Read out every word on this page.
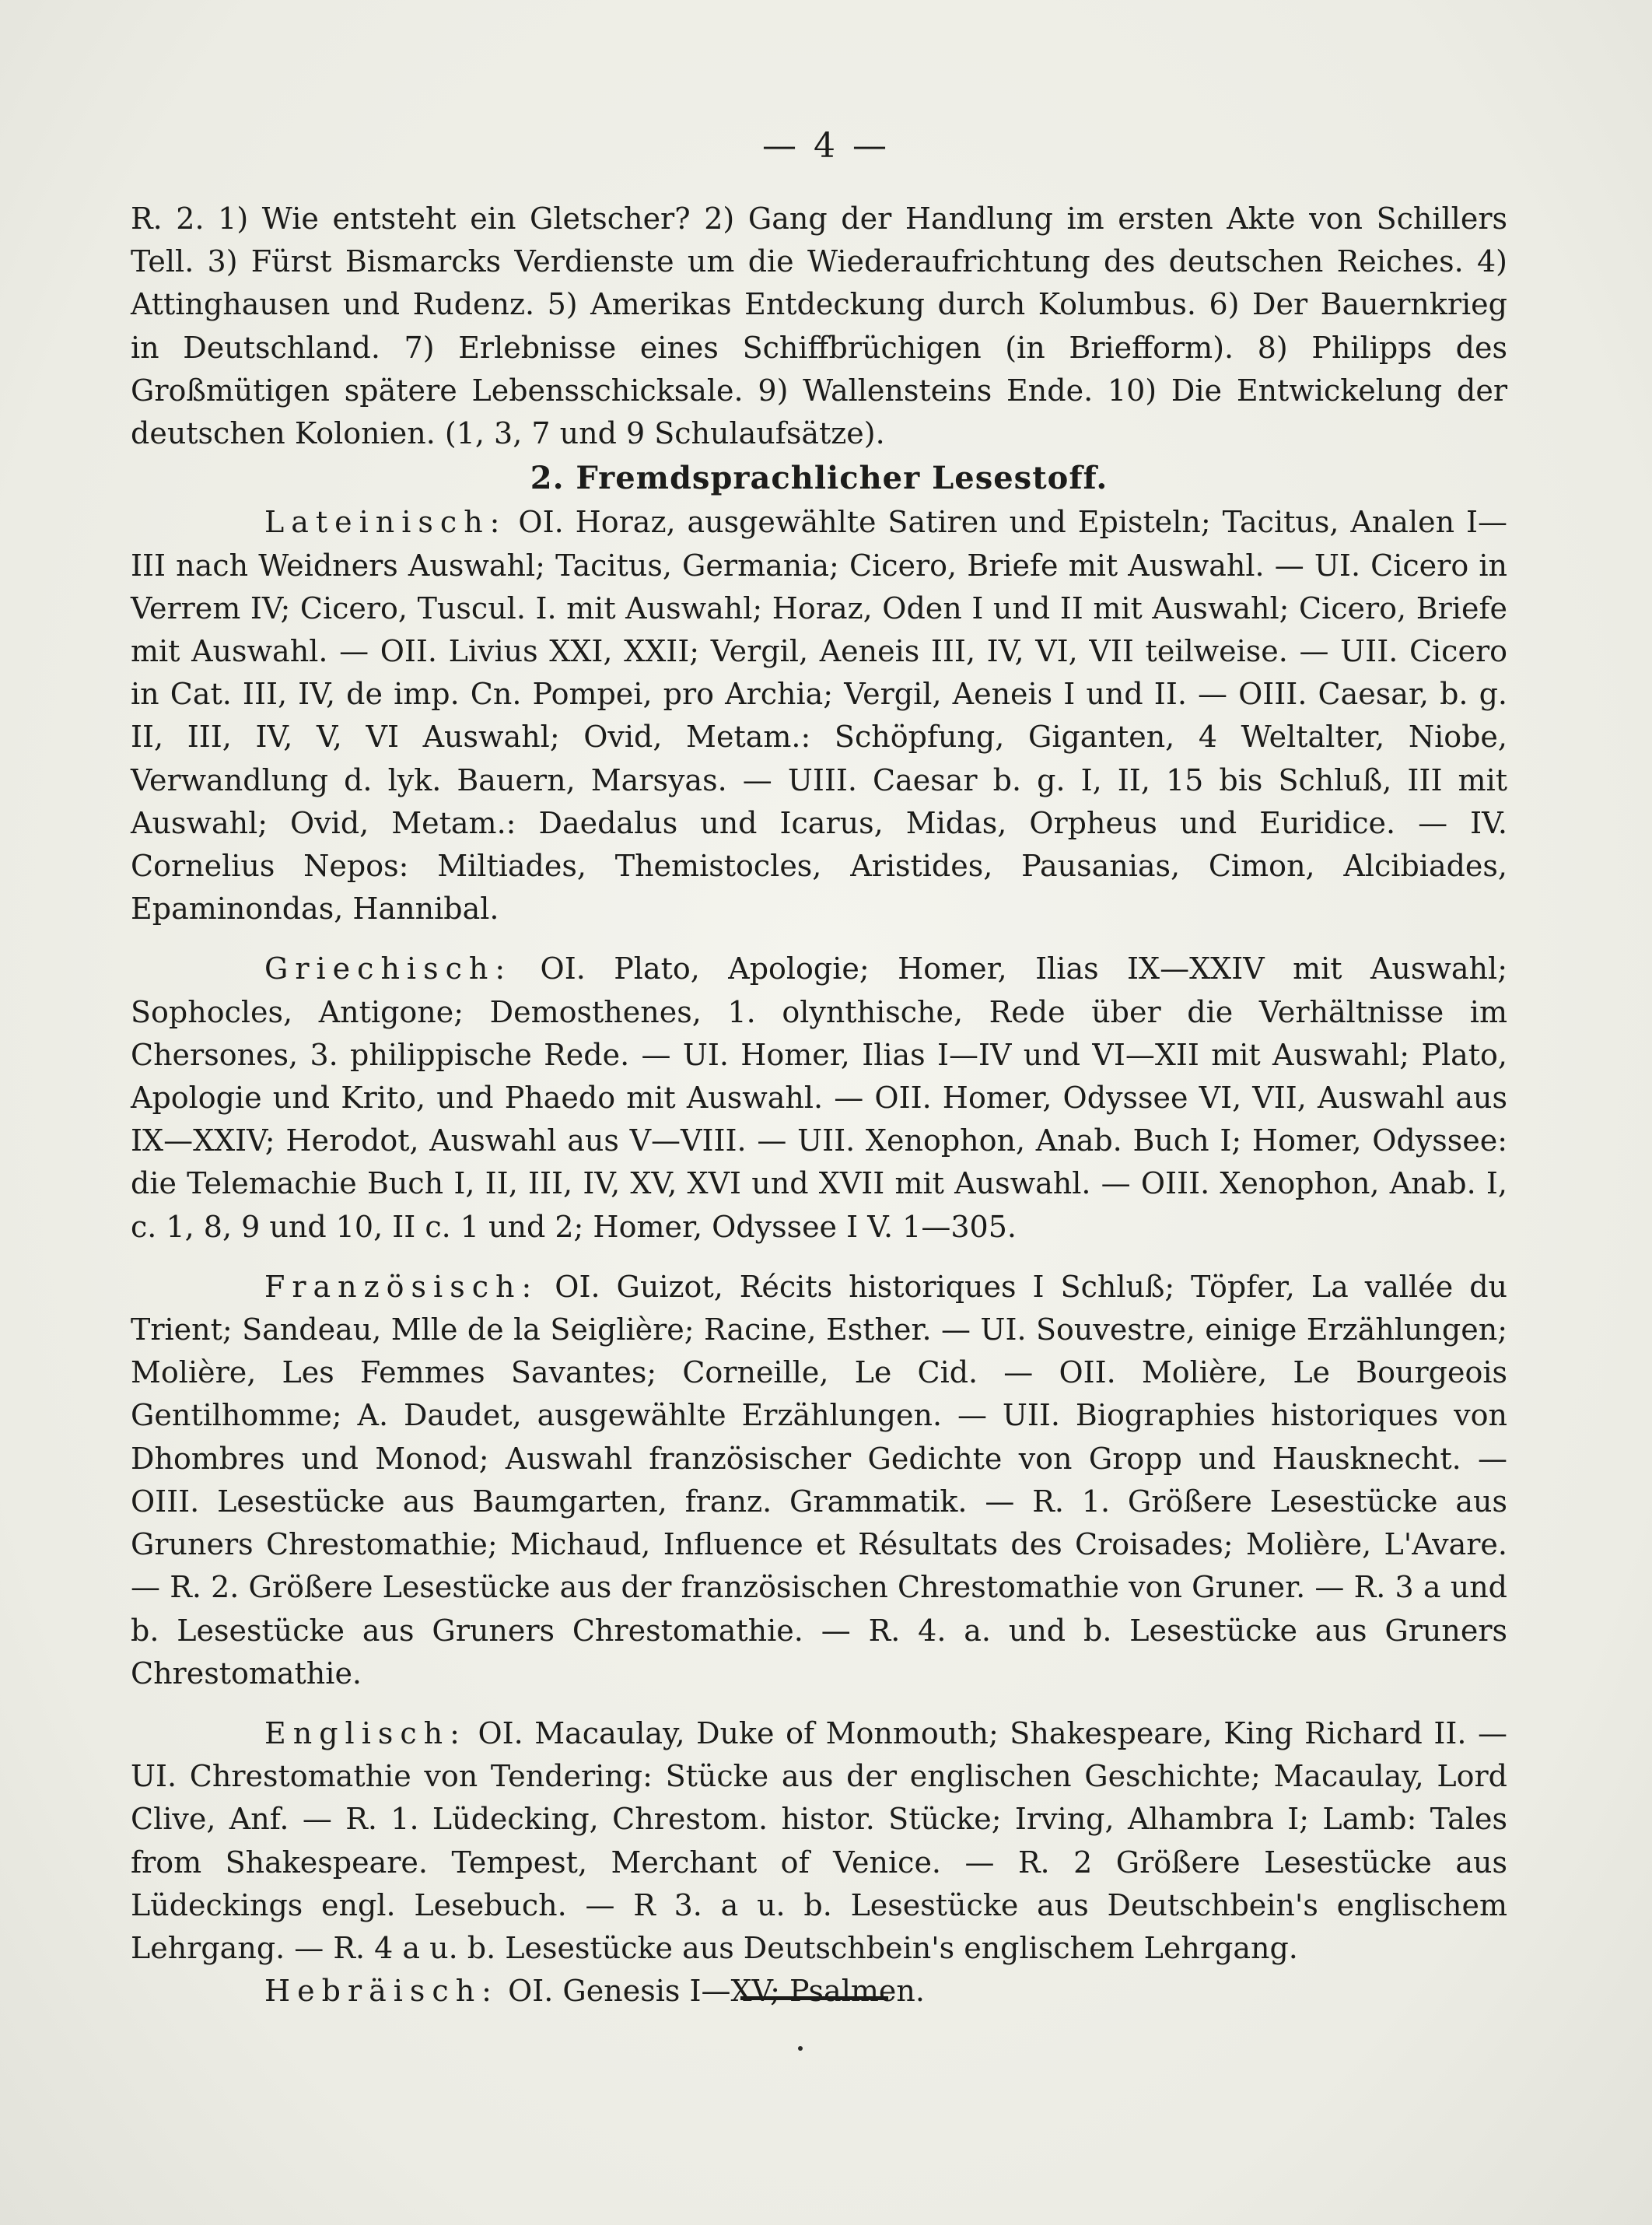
— 4 —

R. 2. 1) Wie entsteht ein Gletscher? 2) Gang der Handlung im ersten Akte von Schillers Tell. 3) Fürst Bismarcks Verdienste um die Wiederaufrichtung des deutschen Reiches. 4) Attinghausen und Rudenz. 5) Amerikas Entdeckung durch Kolumbus. 6) Der Bauernkrieg in Deutschland. 7) Erlebnisse eines Schiffbrüchigen (in Briefform). 8) Philipps des Großmütigen spätere Lebensschicksale. 9) Wallensteins Ende. 10) Die Entwickelung der deutschen Kolonien. (1, 3, 7 und 9 Schulaufsätze).

2. Fremdsprachlicher Lesestoff.

Lateinisch: OI. Horaz, ausgewählte Satiren und Episteln; Tacitus, Analen I—III nach Weidners Auswahl; Tacitus, Germania; Cicero, Briefe mit Auswahl. — UI. Cicero in Verrem IV; Cicero, Tuscul. I. mit Auswahl; Horaz, Oden I und II mit Auswahl; Cicero, Briefe mit Auswahl. — OII. Livius XXI, XXII; Vergil, Aeneis III, IV, VI, VII teilweise. — UII. Cicero in Cat. III, IV, de imp. Cn. Pompei, pro Archia; Vergil, Aeneis I und II. — OIII. Caesar, b. g. II, III, IV, V, VI Auswahl; Ovid, Metam.: Schöpfung, Giganten, 4 Weltalter, Niobe, Verwandlung d. lyk. Bauern, Marsyas. — UIII. Caesar b. g. I, II, 15 bis Schluß, III mit Auswahl; Ovid, Metam.: Daedalus und Icarus, Midas, Orpheus und Euridice. — IV. Cornelius Nepos: Miltiades, Themistocles, Aristides, Pausanias, Cimon, Alcibiades, Epaminondas, Hannibal.

Griechisch: OI. Plato, Apologie; Homer, Ilias IX—XXIV mit Auswahl; Sophocles, Antigone; Demosthenes, 1. olynthische, Rede über die Verhältnisse im Chersones, 3. philippische Rede. — UI. Homer, Ilias I—IV und VI—XII mit Auswahl; Plato, Apologie und Krito, und Phaedo mit Auswahl. — OII. Homer, Odyssee VI, VII, Auswahl aus IX—XXIV; Herodot, Auswahl aus V—VIII. — UII. Xenophon, Anab. Buch I; Homer, Odyssee: die Telemachie Buch I, II, III, IV, XV, XVI und XVII mit Auswahl. — OIII. Xenophon, Anab. I, c. 1, 8, 9 und 10, II c. 1 und 2; Homer, Odyssee I V. 1—305.

Französisch: OI. Guizot, Récits historiques I Schluß; Töpfer, La vallée du Trient; Sandeau, Mlle de la Seiglière; Racine, Esther. — UI. Souvestre, einige Erzählungen; Molière, Les Femmes Savantes; Corneille, Le Cid. — OII. Molière, Le Bourgeois Gentilhomme; A. Daudet, ausgewählte Erzählungen. — UII. Biographies historiques von Dhombres und Monod; Auswahl französischer Gedichte von Gropp und Hausknecht. — OIII. Lesestücke aus Baumgarten, franz. Grammatik. — R. 1. Größere Lesestücke aus Gruners Chrestomathie; Michaud, Influence et Résultats des Croisades; Molière, L'Avare. — R. 2. Größere Lesestücke aus der französischen Chrestomathie von Gruner. — R. 3 a und b. Lesestücke aus Gruners Chrestomathie. — R. 4. a. und b. Lesestücke aus Gruners Chrestomathie.

Englisch: OI. Macaulay, Duke of Monmouth; Shakespeare, King Richard II. — UI. Chrestomathie von Tendering: Stücke aus der englischen Geschichte; Macaulay, Lord Clive, Anf. — R. 1. Lüdecking, Chrestom. histor. Stücke; Irving, Alhambra I; Lamb: Tales from Shakespeare. Tempest, Merchant of Venice. — R. 2 Größere Lesestücke aus Lüdeckings engl. Lesebuch. — R 3. a u. b. Lesestücke aus Deutschbein's englischem Lehrgang. — R. 4 a u. b. Lesestücke aus Deutschbein's englischem Lehrgang.

Hebräisch: OI. Genesis I—XV; Psalmen.
